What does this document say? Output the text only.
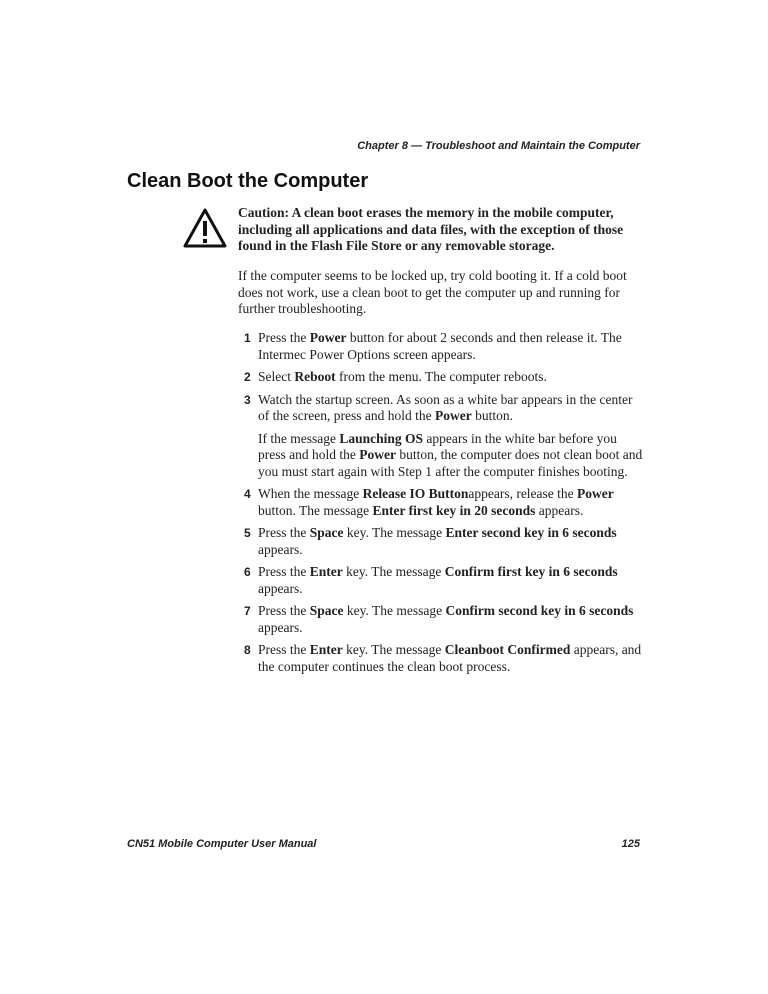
Chapter 8 — Troubleshoot and Maintain the Computer
Clean Boot the Computer
Caution: A clean boot erases the memory in the mobile computer, including all applications and data files, with the exception of those found in the Flash File Store or any removable storage.
If the computer seems to be locked up, try cold booting it. If a cold boot does not work, use a clean boot to get the computer up and running for further troubleshooting.
1 Press the Power button for about 2 seconds and then release it. The Intermec Power Options screen appears.
2 Select Reboot from the menu. The computer reboots.
3 Watch the startup screen. As soon as a white bar appears in the center of the screen, press and hold the Power button.
If the message Launching OS appears in the white bar before you press and hold the Power button, the computer does not clean boot and you must start again with Step 1 after the computer finishes booting.
4 When the message Release IO Buttonappears, release the Power button. The message Enter first key in 20 seconds appears.
5 Press the Space key. The message Enter second key in 6 seconds appears.
6 Press the Enter key. The message Confirm first key in 6 seconds appears.
7 Press the Space key. The message Confirm second key in 6 seconds appears.
8 Press the Enter key. The message Cleanboot Confirmed appears, and the computer continues the clean boot process.
CN51 Mobile Computer User Manual	125
